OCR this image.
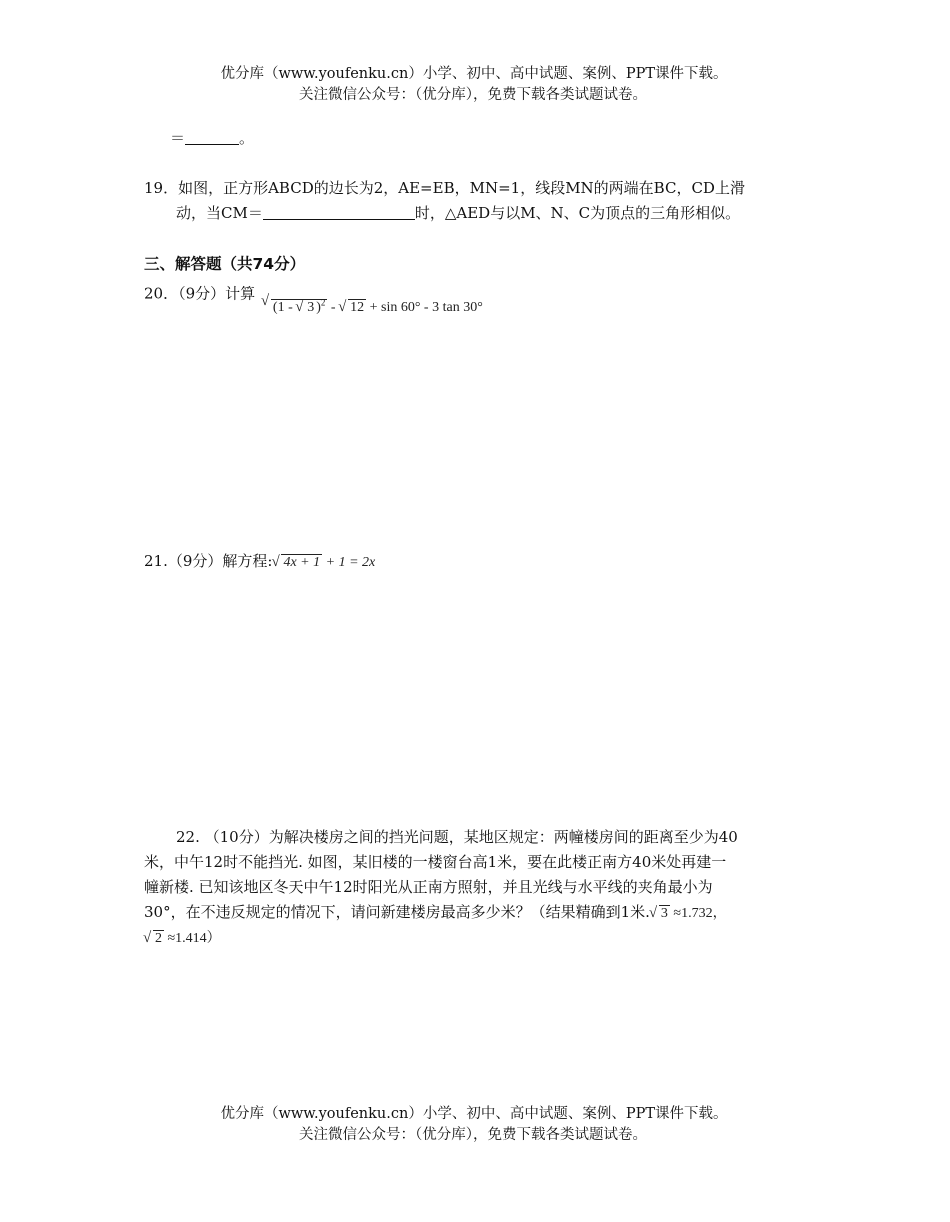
优分库（www.youfenku.cn）小学、初中、高中试题、案例、PPT课件下载。
关注微信公众号：（优分库），免费下载各类试题试卷。
＝	。
19．如图，正方形ABCD的边长为2，AE=EB，MN=1，线段MN的两端在BC，CD上滑
动，当CM＝	时，△AED与以M、N、C为顶点的三角形相似。
三、解答题（共74分）
20．（9分）计算 √ (1 - √ 3 )$^2$ - √ 12 + sin 60° - 3 tan 30°
21.（9分）解方程: √ 4x + 1 + 1 = 2x
22. （10分）为解决楼房之间的挡光问题，某地区规定：两幢楼房间的距离至少为40
米，中午12时不能挡光. 如图，某旧楼的一楼窗台高1米，要在此楼正南方40米处再建一
幢新楼. 已知该地区冬天中午12时阳光从正南方照射，并且光线与水平线的夹角最小为
30°，在不违反规定的情况下，请问新建楼房最高多少米？（结果精确到1米. √ 3 ≈1.732，
√ 2 ≈1.414）
优分库（www.youfenku.cn）小学、初中、高中试题、案例、PPT课件下载。
关注微信公众号：（优分库），免费下载各类试题试卷。
